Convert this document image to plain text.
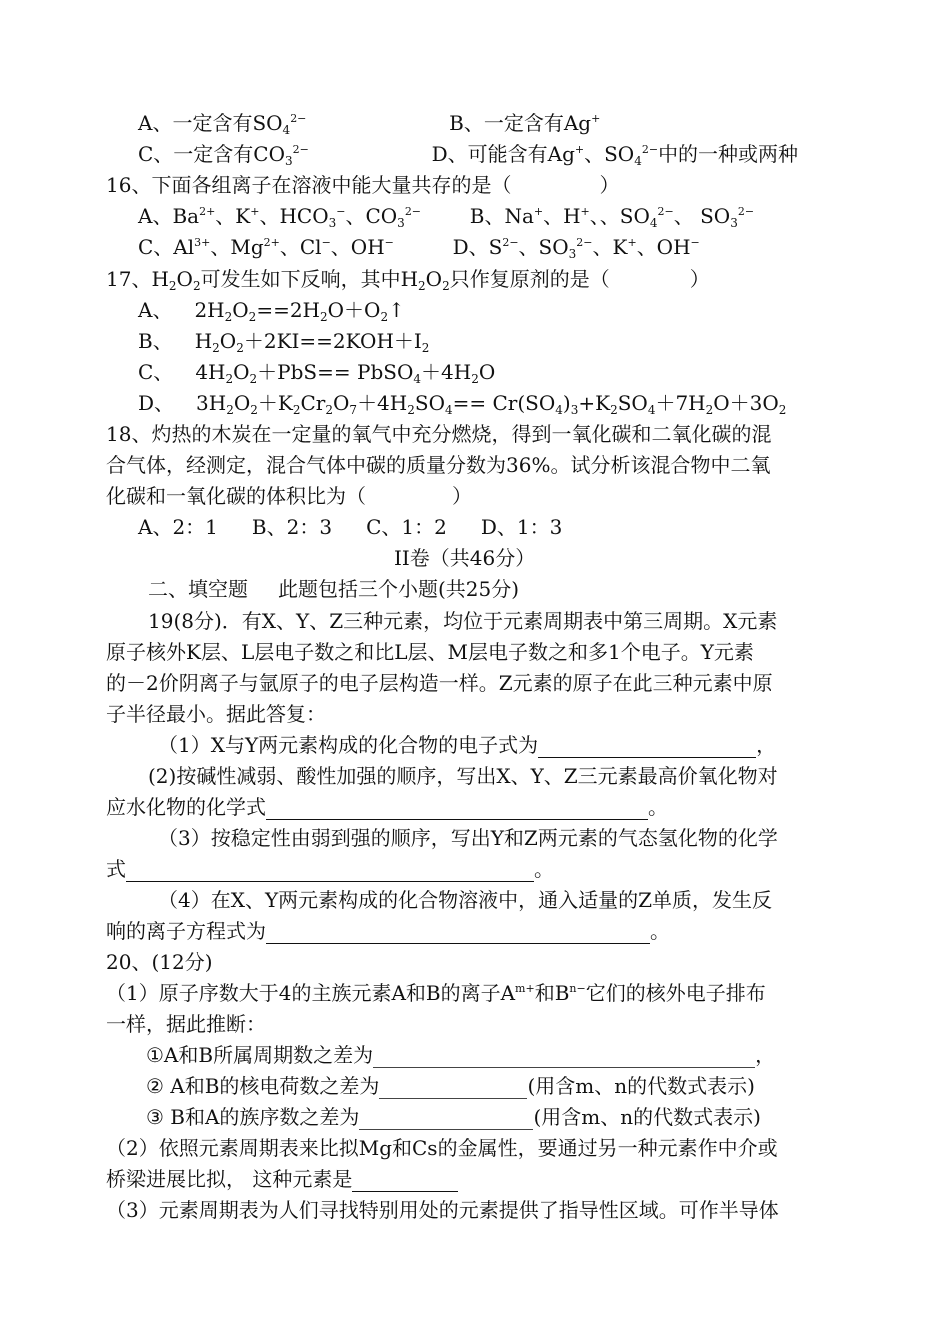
A、一定含有$SO_4^{2-}$	B、一定含有Ag+
C、一定含有$CO_3^{2-}$	D、可能含有Ag+、$SO_4^{2-}$中的一种或两种
16、下面各组离子在溶液中能大量共存的是（	）
A、$Ba^{2+}$、K+、$HCO_3^-$、$CO_3^{2-}$ B、Na+、H+、、$SO_4^{2-}$、 $SO_3^{2-}$
C、$Al^{3+}$、$Mg^{2+}$、Cl−、OH−	D、$S^{2-}$、$SO_3^{2-}$、K+、OH−
17、$H_2O_2$可发生如下反响，其中$H_2O_2$只作复原剂的是（	）
A、 $2H_2O_2==2H_2O+O_2↑$
B、 $H_2O_2+2KI==2KOH+I_2$
C、 $4H_2O_2+PbS==$ $PbSO_4+4H_2O$
D、 $3H_2O_2+K_2Cr_2O_7+4H_2SO_4== Cr(SO_4)_3+K_2SO_4+7H_2O+3O_2$
18、灼热的木炭在一定量的氧气中充分燃烧，得到一氧化碳和二氧化碳的混
合气体，经测定，混合气体中碳的质量分数为36%。试分析该混合物中二氧
化碳和一氧化碳的体积比为（	）
A、2：1 B、2：3 C、1：2 D、1：3
II卷（共46分）
二、填空题 此题包括三个小题(共25分)
19(8分)．有X、Y、Z三种元素，均位于元素周期表中第三周期。X元素
原子核外K层、L层电子数之和比L层、M层电子数之和多1个电子。Y元素
的－2价阴离子与氩原子的电子层构造一样。Z元素的原子在此三种元素中原
子半径最小。据此答复：
（1）X与Y两元素构成的化合物的电子式为	，
(2)按碱性减弱、酸性加强的顺序，写出X、Y、Z三元素最高价氧化物对
应水化物的化学式	。
（3）按稳定性由弱到强的顺序，写出Y和Z两元素的气态氢化物的化学
式	。
（4）在X、Y两元素构成的化合物溶液中，通入适量的Z单质，发生反
响的离子方程式为	。
20、(12分)
（1）原子序数大于4的主族元素A和B的离子$A^{m+}$和$B^{n-}$它们的核外电子排布
一样，据此推断：
①A和B所属周期数之差为	，
② A和B的核电荷数之差为	(用含m、n的代数式表示)
③ B和A的族序数之差为	(用含m、n的代数式表示)
（2）依照元素周期表来比拟Mg和Cs的金属性，要通过另一种元素作中介或
桥梁进展比拟， 这种元素是
（3）元素周期表为人们寻找特别用处的元素提供了指导性区域。可作半导体
